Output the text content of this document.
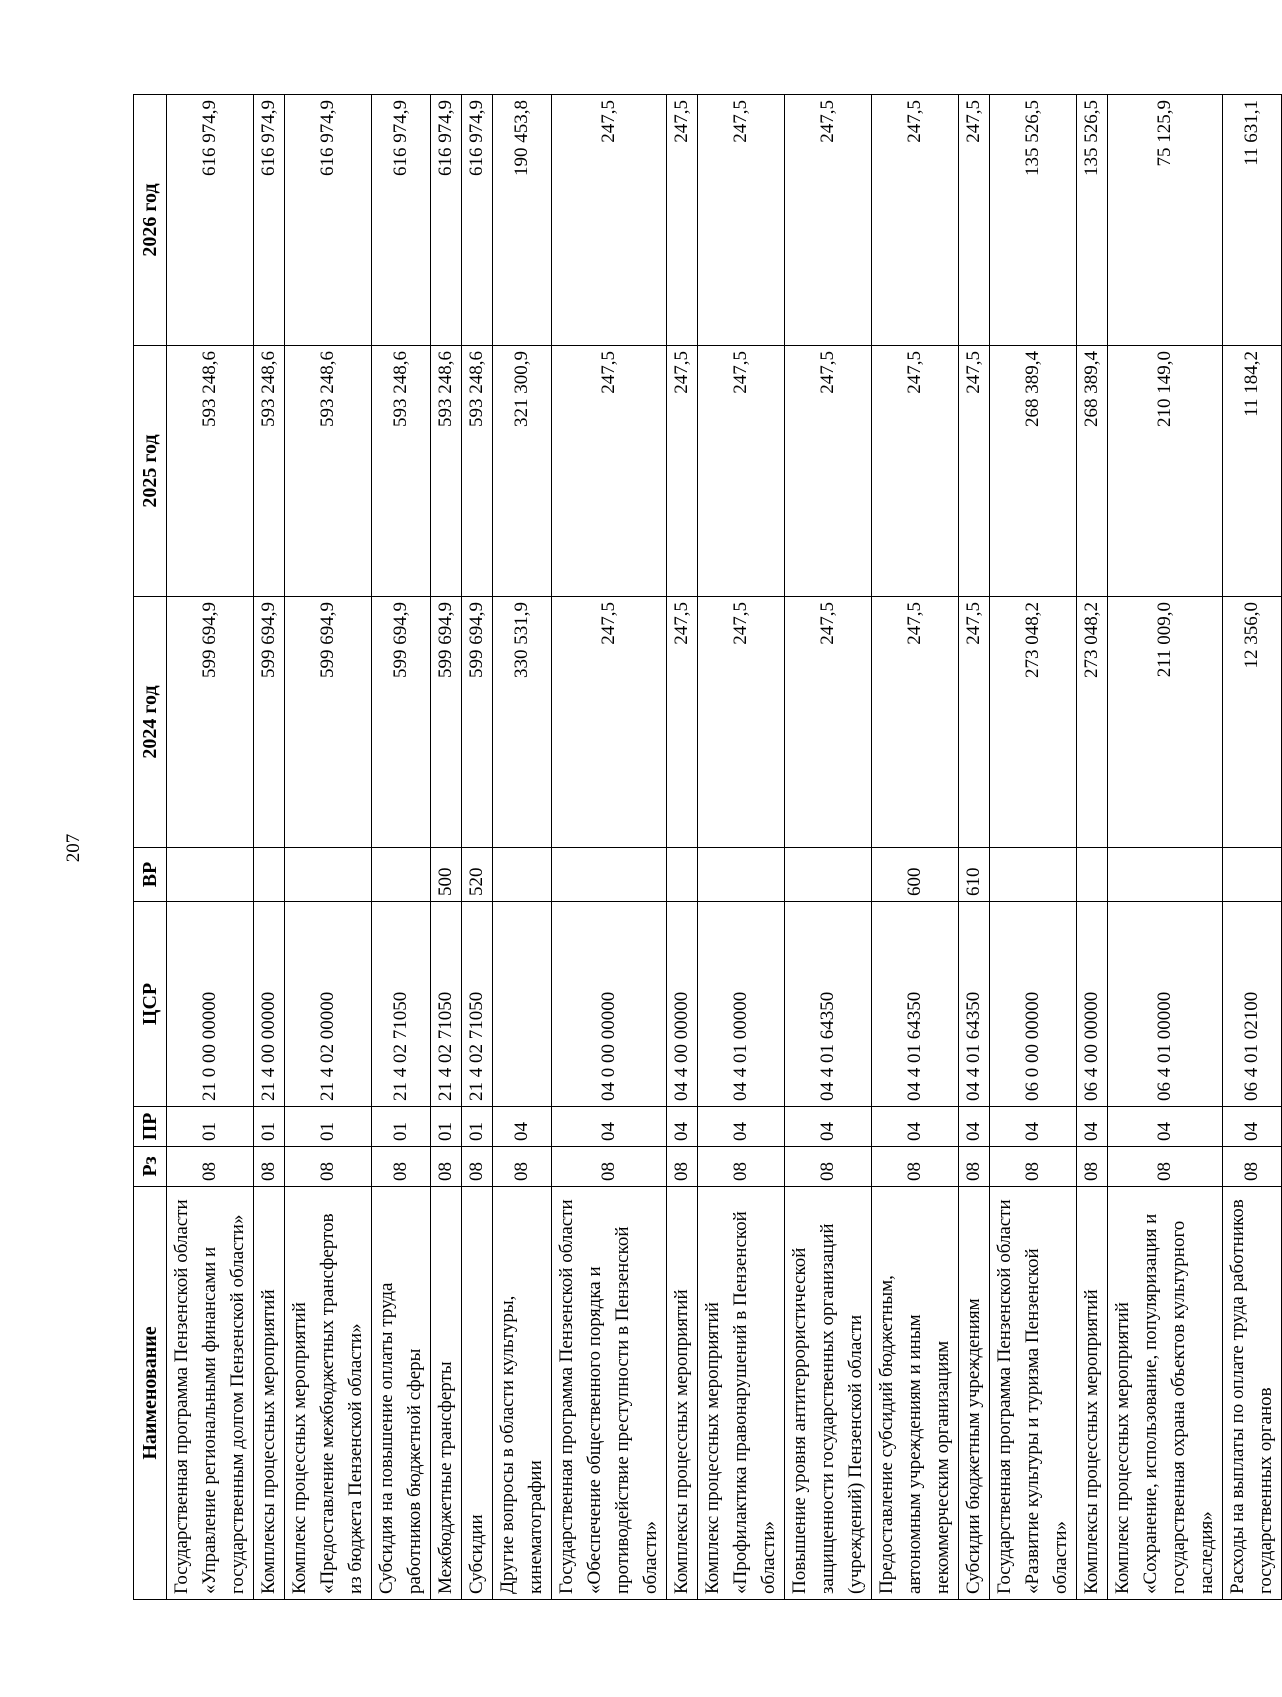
207
Наименование	Рз	ПР	ЦСР	ВР	2024 год	2025 год	2026 год
Государственная программа Пензенской области «Управление региональными финансами и государственным долгом Пензенской области»	08	01	21 0 00 00000		599 694,9	593 248,6	616 974,9
Комплексы процессных мероприятий	08	01	21 4 00 00000		599 694,9	593 248,6	616 974,9
Комплекс процессных мероприятий «Предоставление межбюджетных трансфертов из бюджета Пензенской области»	08	01	21 4 02 00000		599 694,9	593 248,6	616 974,9
Субсидия на повышение оплаты труда работников бюджетной сферы	08	01	21 4 02 71050		599 694,9	593 248,6	616 974,9
Межбюджетные трансферты	08	01	21 4 02 71050	500	599 694,9	593 248,6	616 974,9
Субсидии	08	01	21 4 02 71050	520	599 694,9	593 248,6	616 974,9
Другие вопросы в области культуры, кинематографии	08	04			330 531,9	321 300,9	190 453,8
Государственная программа Пензенской области «Обеспечение общественного порядка и противодействие преступности в Пензенской области»	08	04	04 0 00 00000		247,5	247,5	247,5
Комплексы процессных мероприятий	08	04	04 4 00 00000		247,5	247,5	247,5
Комплекс процессных мероприятий «Профилактика правонарушений в Пензенской области»	08	04	04 4 01 00000		247,5	247,5	247,5
Повышение уровня антитеррористической защищенности государственных организаций (учреждений) Пензенской области	08	04	04 4 01 64350		247,5	247,5	247,5
Предоставление субсидий бюджетным, автономным учреждениям и иным некоммерческим организациям	08	04	04 4 01 64350	600	247,5	247,5	247,5
Субсидии бюджетным учреждениям	08	04	04 4 01 64350	610	247,5	247,5	247,5
Государственная программа Пензенской области «Развитие культуры и туризма Пензенской области»	08	04	06 0 00 00000		273 048,2	268 389,4	135 526,5
Комплексы процессных мероприятий	08	04	06 4 00 00000		273 048,2	268 389,4	135 526,5
Комплекс процессных мероприятий «Сохранение, использование, популяризация и государственная охрана объектов культурного наследия»	08	04	06 4 01 00000		211 009,0	210 149,0	75 125,9
Расходы на выплаты по оплате труда работников государственных органов	08	04	06 4 01 02100		12 356,0	11 184,2	11 631,1
